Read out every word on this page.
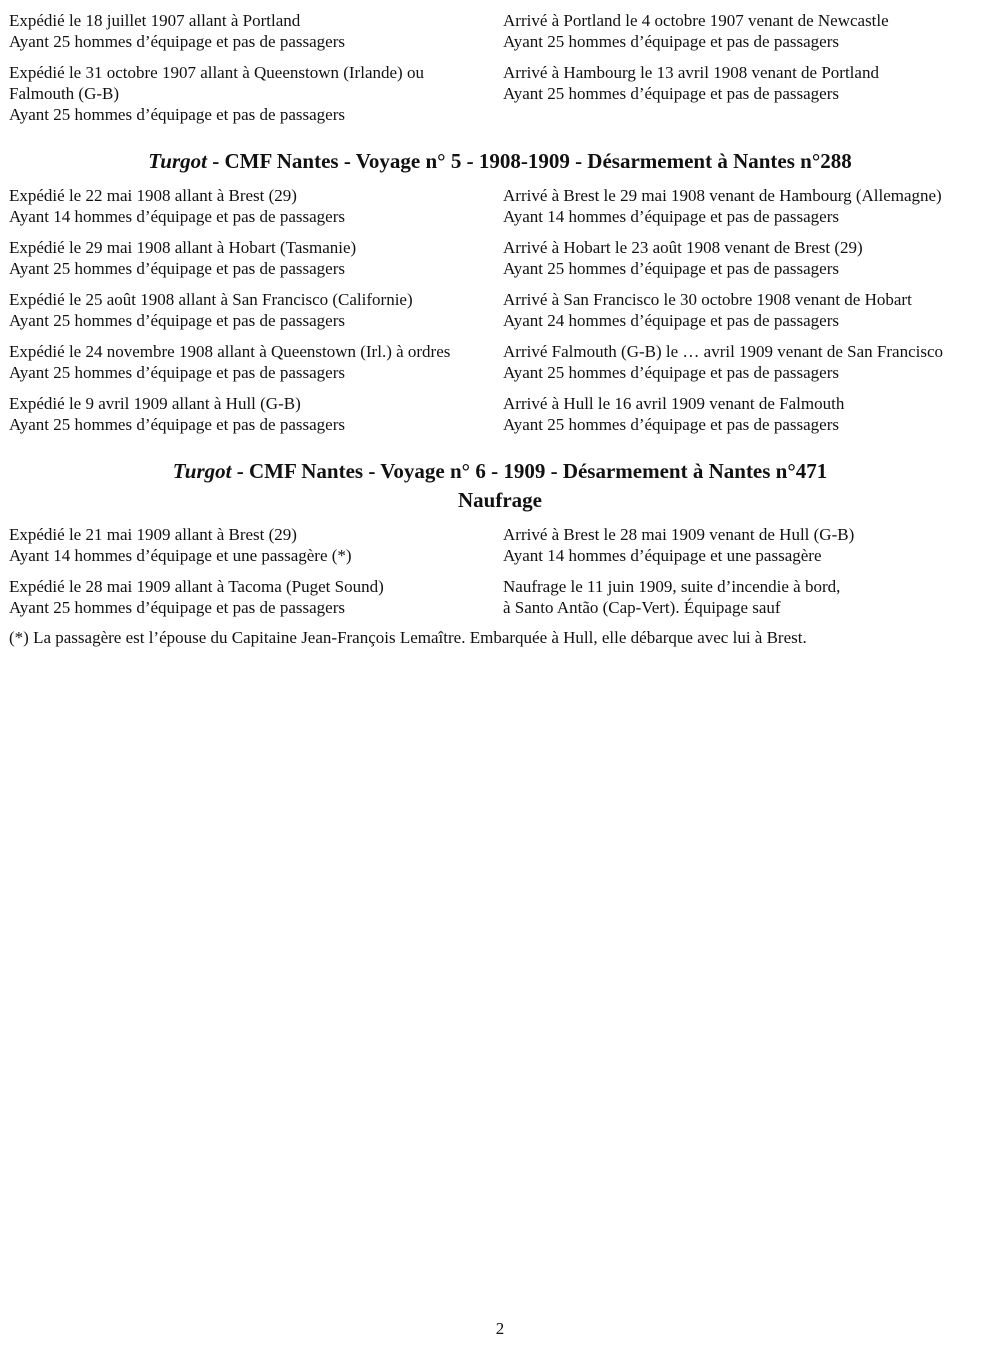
Expédié le 18 juillet 1907 allant à Portland
Ayant 25 hommes d’équipage et pas de passagers
Arrivé à Portland le 4 octobre 1907 venant de Newcastle
Ayant 25 hommes d’équipage et pas de passagers
Expédié le 31 octobre 1907 allant à Queenstown (Irlande) ou
Falmouth (G-B)
Ayant 25 hommes d’équipage et pas de passagers
Arrivé à Hambourg le 13 avril 1908 venant de Portland
Ayant 25 hommes d’équipage et pas de passagers
Turgot - CMF Nantes - Voyage n° 5 - 1908-1909 - Désarmement à Nantes n°288
Expédié le 22 mai 1908 allant à Brest (29)
Ayant 14 hommes d’équipage et pas de passagers
Arrivé à Brest le 29 mai 1908 venant de Hambourg (Allemagne)
Ayant 14 hommes d’équipage et pas de passagers
Expédié le 29 mai 1908 allant à Hobart (Tasmanie)
Ayant 25 hommes d’équipage et pas de passagers
Arrivé à Hobart le 23 août 1908 venant de Brest (29)
Ayant 25 hommes d’équipage et pas de passagers
Expédié le 25 août 1908 allant à San Francisco (Californie)
Ayant 25 hommes d’équipage et pas de passagers
Arrivé à San Francisco le 30 octobre 1908 venant de Hobart
Ayant 24 hommes d’équipage et pas de passagers
Expédié le 24 novembre 1908 allant à Queenstown (Irl.) à ordres
Ayant 25 hommes d’équipage et pas de passagers
Arrivé Falmouth (G-B) le … avril 1909 venant de San Francisco
Ayant 25 hommes d’équipage et pas de passagers
Expédié le 9 avril 1909 allant à Hull (G-B)
Ayant 25 hommes d’équipage et pas de passagers
Arrivé à Hull le 16 avril 1909 venant de Falmouth
Ayant 25 hommes d’équipage et pas de passagers
Turgot - CMF Nantes - Voyage n° 6 - 1909 - Désarmement à Nantes n°471
Naufrage
Expédié le 21 mai 1909 allant à Brest (29)
Ayant 14 hommes d’équipage et une passagère (*)
Arrivé à Brest le 28 mai 1909 venant de Hull (G-B)
Ayant 14 hommes d’équipage et une passagère
Expédié le 28 mai 1909 allant à Tacoma (Puget Sound)
Ayant 25 hommes d’équipage et pas de passagers
Naufrage le 11 juin 1909, suite d’incendie à bord,
à Santo Antão (Cap-Vert). Équipage sauf
(*) La passagère est l’épouse du Capitaine Jean-François Lemaître. Embarquée à Hull, elle débarque avec lui à Brest.
2
